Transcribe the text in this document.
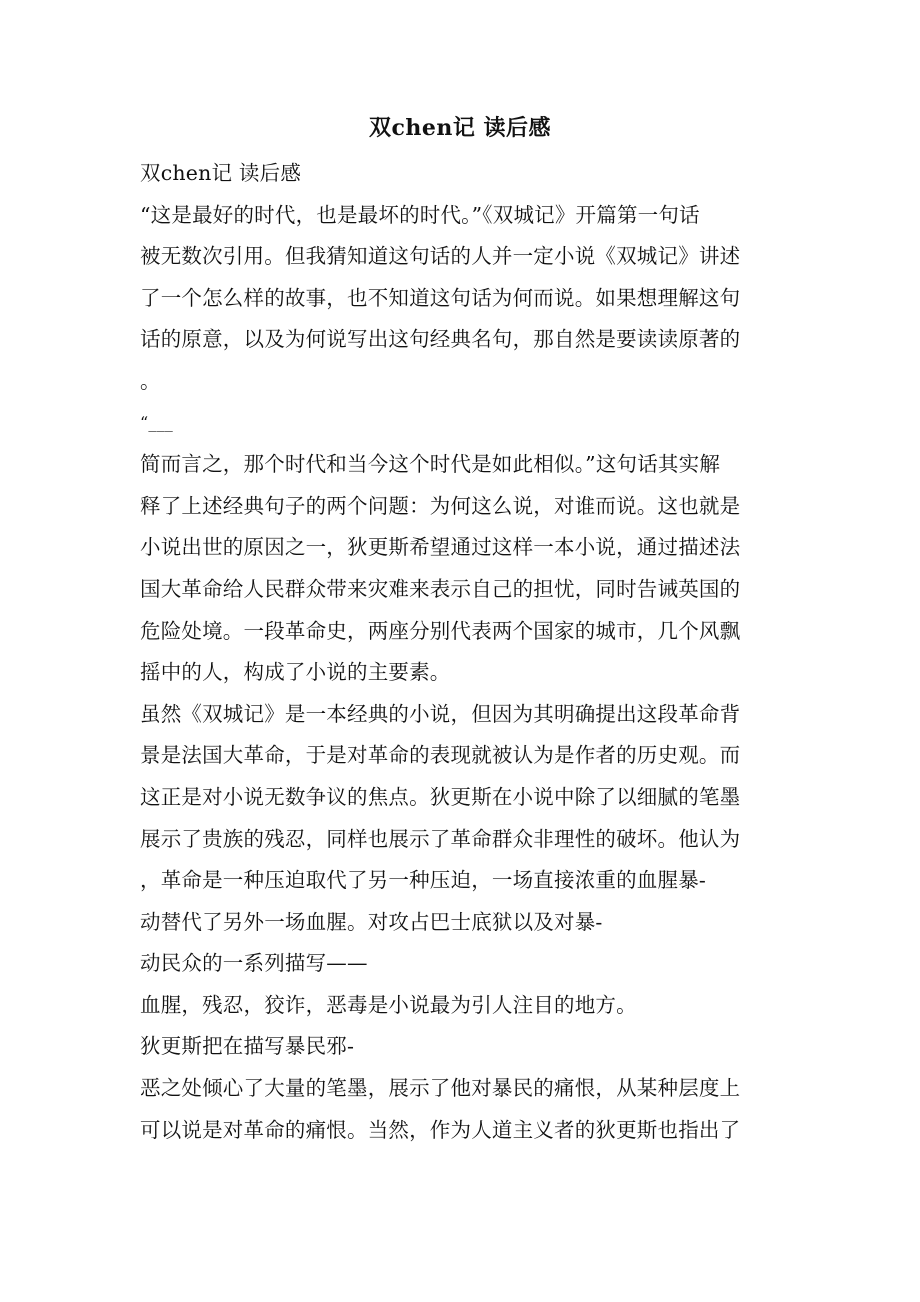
双chen记 读后感
双chen记 读后感
“这是最好的时代，也是最坏的时代。”《双城记》开篇第一句话
被无数次引用。但我猜知道这句话的人并一定小说《双城记》讲述
了一个怎么样的故事，也不知道这句话为何而说。如果想理解这句
话的原意，以及为何说写出这句经典名句，那自然是要读读原著的
。
“___
简而言之，那个时代和当今这个时代是如此相似。”这句话其实解
释了上述经典句子的两个问题：为何这么说，对谁而说。这也就是
小说出世的原因之一，狄更斯希望通过这样一本小说，通过描述法
国大革命给人民群众带来灾难来表示自己的担忧，同时告诫英国的
危险处境。一段革命史，两座分别代表两个国家的城市，几个风飘
摇中的人，构成了小说的主要素。
虽然《双城记》是一本经典的小说，但因为其明确提出这段革命背
景是法国大革命，于是对革命的表现就被认为是作者的历史观。而
这正是对小说无数争议的焦点。狄更斯在小说中除了以细腻的笔墨
展示了贵族的残忍，同样也展示了革命群众非理性的破坏。他认为
，革命是一种压迫取代了另一种压迫，一场直接浓重的血腥暴-
动替代了另外一场血腥。对攻占巴士底狱以及对暴-
动民众的一系列描写——
血腥，残忍，狡诈，恶毒是小说最为引人注目的地方。
狄更斯把在描写暴民邪-
恶之处倾心了大量的笔墨，展示了他对暴民的痛恨，从某种层度上
可以说是对革命的痛恨。当然，作为人道主义者的狄更斯也指出了
